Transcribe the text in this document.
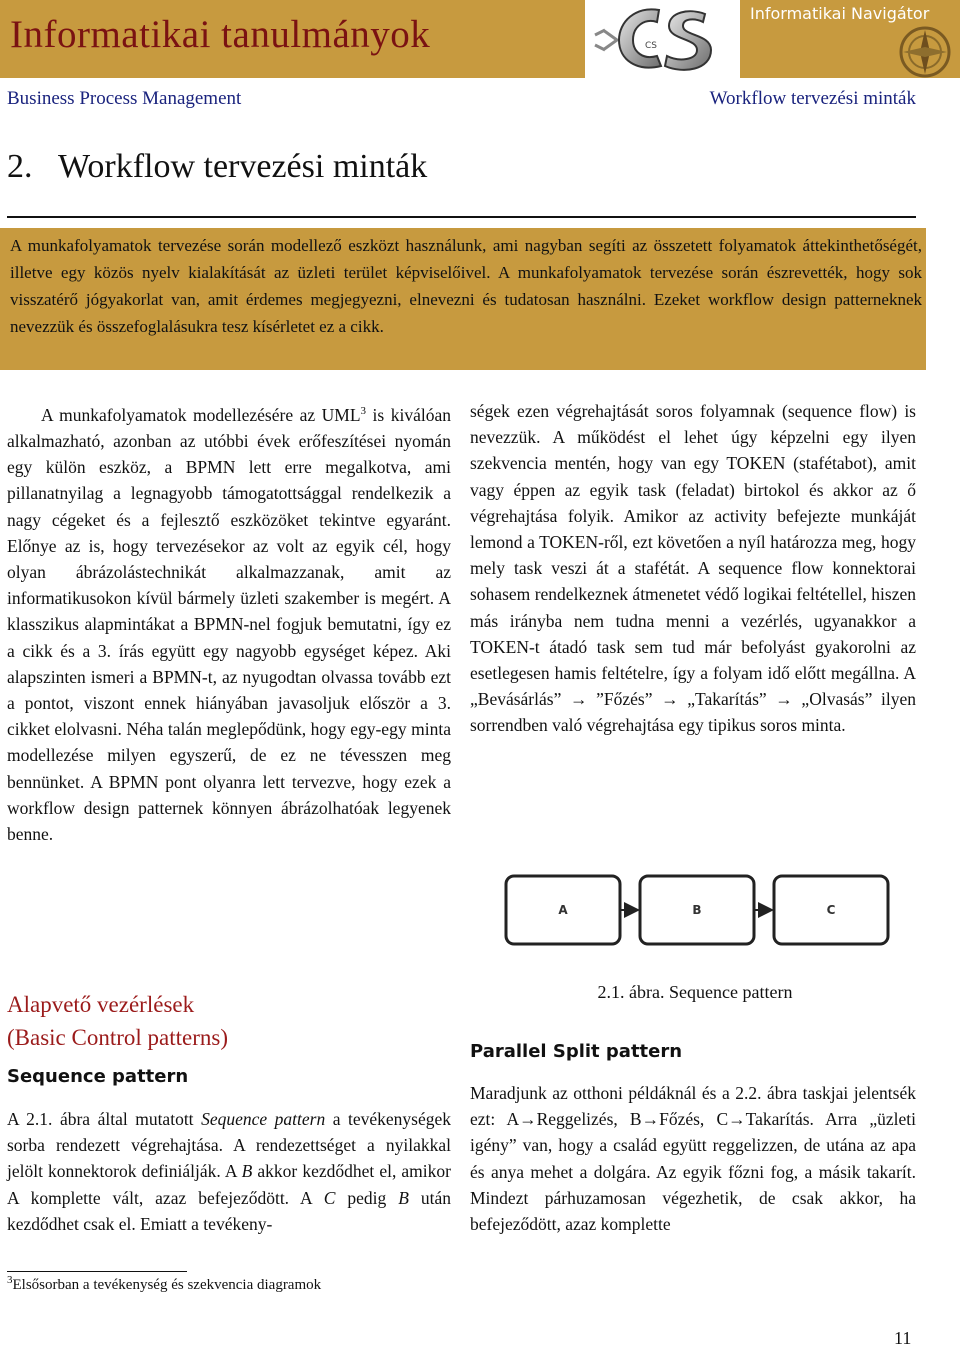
Informatikai tanulmányok	CS
Informatikai Navigátor
Business Process Management	Workflow tervezési minták
2. Workflow tervezési minták

A munkafolyamatok tervezése során modellező eszközt használunk, ami nagyban segíti az összetett folyamatok áttekinthetőségét, illetve egy közös nyelv kialakítását az üzleti terület képviselőivel. A munkafolyamatok tervezése során észrevették, hogy sok visszatérő jógyakorlat van, amit érdemes megjegyezni, elnevezni és tudatosan használni. Ezeket workflow design patterneknek nevezzük és összefoglalásukra tesz kísérletet ez a cikk.

A munkafolyamatok modellezésére az UML$^3$ is kiválóan alkalmazható, azonban az utóbbi évek erőfeszítései nyomán egy külön eszköz, a BPMN lett erre megalkotva, ami pillanatnyilag a legnagyobb támogatottsággal rendelkezik a nagy cégeket és a fejlesztő eszközöket tekintve egyaránt. Előnye az is, hogy tervezésekor az volt az egyik cél, hogy olyan ábrázolástechnikát alkalmazzanak, amit az informatikusokon kívül bármely üzleti szakember is megért. A klasszikus alapmintákat a BPMN-nel fogjuk bemutatni, így ez a cikk és a 3. írás együtt egy nagyobb egységet képez. Aki alapszinten ismeri a BPMN-t, az nyugodtan olvassa tovább ezt a pontot, viszont ennek hiányában javasoljuk először a 3. cikket elolvasni. Néha talán meglepődünk, hogy egy-egy minta modellezése milyen egyszerű, de ez ne tévesszen meg bennünket. A BPMN pont olyanra lett tervezve, hogy ezek a workflow design patternek könnyen ábrázolhatóak legyenek benne.

Alapvető vezérlések
(Basic Control patterns)
Sequence pattern

A 2.1. ábra által mutatott Sequence pattern a tevékenységek sorba rendezett végrehajtása. A rendezettséget a nyilakkal jelölt konnektorok definiálják. A B akkor kezdődhet el, amikor A komplette vált, azaz befejeződött. A C pedig B után kezdődhet csak el. Emiatt a tevékeny-

$^3$Elsősorban a tevékenység és szekvencia diagramok

ségek ezen végrehajtását soros folyamnak (sequence flow) is nevezzük. A működést el lehet úgy képzelni egy ilyen szekvencia mentén, hogy van egy TOKEN (stafétabot), amit vagy éppen az egyik task (feladat) birtokol és akkor az ő végrehajtása folyik. Amikor az activity befejezte munkáját lemond a TOKEN-ről, ezt követően a nyíl határozza meg, hogy mely task veszi át a stafétát. A sequence flow konnektorai sohasem rendelkeznek átmenetet védő logikai feltétellel, hiszen más irányba nem tudna menni a vezérlés, ugyanakkor a TOKEN-t átadó task sem tud már befolyást gyakorolni az esetlegesen hamis feltételre, így a folyam idő előtt megállna. A „Bevásárlás” → ”Főzés” → „Takarítás” → „Olvasás” ilyen sorrendben való végrehajtása egy tipikus soros minta.

A	B	C
2.1. ábra. Sequence pattern
Parallel Split pattern

Maradjunk az otthoni példáknál és a 2.2. ábra taskjai jelentsék ezt: A→Reggelizés, B→Főzés, C→Takarítás. Arra „üzleti igény” van, hogy a család együtt reggelizzen, de utána az apa és anya mehet a dolgára. Az egyik főzni fog, a másik takarít. Mindezt párhuzamosan végezhetik, de csak akkor, ha befejeződött, azaz komplette

11
